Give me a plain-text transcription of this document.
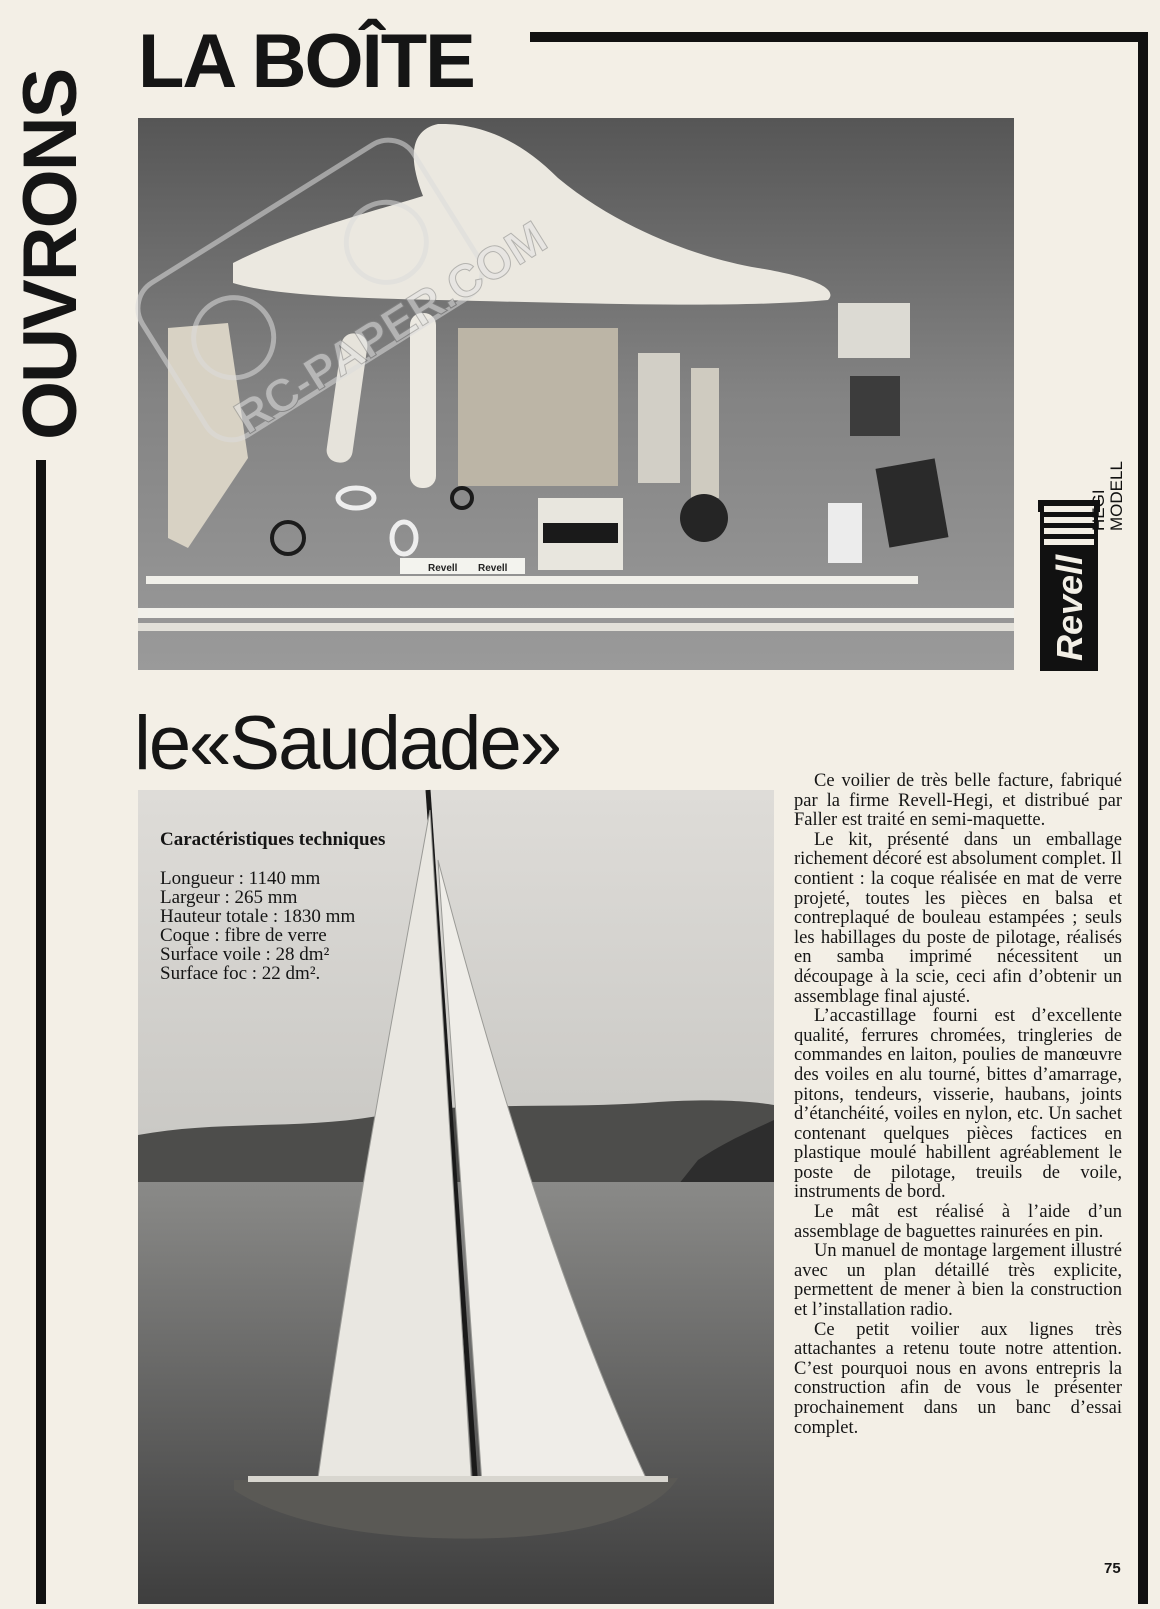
OUVRONS
LA BOÎTE
Revell Revell
RC-PAPER.COM
Revell
HEGI MODELL
le«Saudade»
Caractéristiques techniques
Longueur : 1140 mm
Largeur : 265 mm
Hauteur totale : 1830 mm
Coque : fibre de verre
Surface voile : 28 dm²
Surface foc : 22 dm².

Ce voilier de très belle facture, fabriqué par la firme Revell-Hegi, et distribué par Faller est traité en semi-maquette.

Le kit, présenté dans un emballage richement décoré est absolument complet. Il contient : la coque réalisée en mat de verre projeté, toutes les pièces en balsa et contreplaqué de bouleau estampées ; seuls les habillages du poste de pilotage, réalisés en samba imprimé nécessitent un découpage à la scie, ceci afin d’obtenir un assemblage final ajusté.

L’accastillage fourni est d’excellente qualité, ferrures chromées, tringleries de commandes en laiton, poulies de manœuvre des voiles en alu tourné, bittes d’amarrage, pitons, tendeurs, visserie, haubans, joints d’étanchéité, voiles en nylon, etc. Un sachet contenant quelques pièces factices en plastique moulé habillent agréablement le poste de pilotage, treuils de voile, instruments de bord.

Le mât est réalisé à l’aide d’un assemblage de baguettes rainurées en pin.

Un manuel de montage largement illustré avec un plan détaillé très explicite, permettent de mener à bien la construction et l’installation radio.

Ce petit voilier aux lignes très attachantes a retenu toute notre attention. C’est pourquoi nous en avons entrepris la construction afin de vous le présenter prochainement dans un banc d’essai complet.

75
